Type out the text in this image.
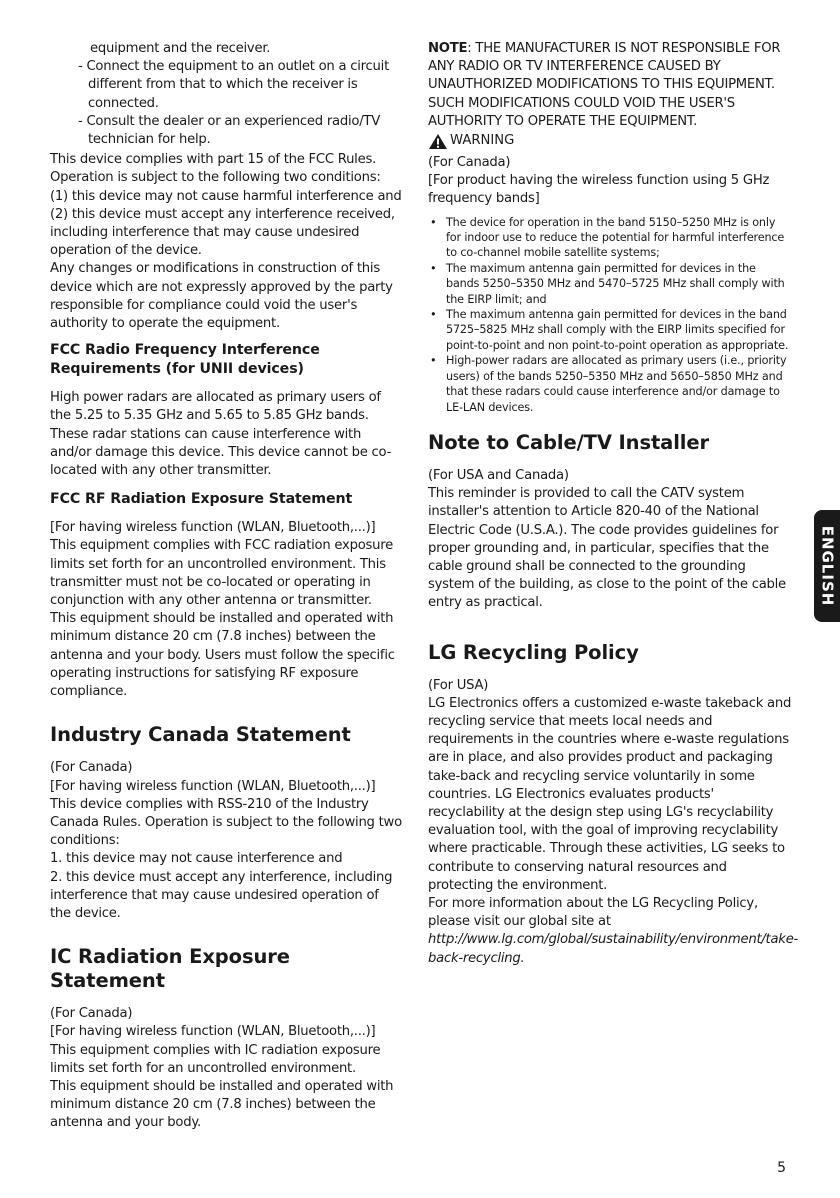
equipment and the receiver.

- Connect the equipment to an outlet on a circuit different from that to which the receiver is connected.

- Consult the dealer or an experienced radio/TV technician for help.

This device complies with part 15 of the FCC Rules. Operation is subject to the following two conditions: (1) this device may not cause harmful interference and (2) this device must accept any interference received, including interference that may cause undesired operation of the device.

Any changes or modifications in construction of this device which are not expressly approved by the party responsible for compliance could void the user's authority to operate the equipment.

FCC Radio Frequency Interference Requirements (for UNII devices)

High power radars are allocated as primary users of the 5.25 to 5.35 GHz and 5.65 to 5.85 GHz bands. These radar stations can cause interference with and/or damage this device. This device cannot be co-located with any other transmitter.

FCC RF Radiation Exposure Statement

[For having wireless function (WLAN, Bluetooth,...)] This equipment complies with FCC radiation exposure limits set forth for an uncontrolled environment. This transmitter must not be co-located or operating in conjunction with any other antenna or transmitter.

This equipment should be installed and operated with minimum distance 20 cm (7.8 inches) between the antenna and your body. Users must follow the specific operating instructions for satisfying RF exposure compliance.

Industry Canada Statement

(For Canada)

[For having wireless function (WLAN, Bluetooth,...)] This device complies with RSS-210 of the Industry Canada Rules. Operation is subject to the following two conditions:

1. this device may not cause interference and

2. this device must accept any interference, including interference that may cause undesired operation of the device.

IC Radiation Exposure Statement

(For Canada)

[For having wireless function (WLAN, Bluetooth,...)] This equipment complies with IC radiation exposure limits set forth for an uncontrolled environment.

This equipment should be installed and operated with minimum distance 20 cm (7.8 inches) between the antenna and your body.

NOTE: THE MANUFACTURER IS NOT RESPONSIBLE FOR ANY RADIO OR TV INTERFERENCE CAUSED BY UNAUTHORIZED MODIFICATIONS TO THIS EQUIPMENT. SUCH MODIFICATIONS COULD VOID THE USER'S AUTHORITY TO OPERATE THE EQUIPMENT.

WARNING

(For Canada)

[For product having the wireless function using 5 GHz frequency bands]

• The device for operation in the band 5150–5250 MHz is only for indoor use to reduce the potential for harmful interference to co-channel mobile satellite systems;
• The maximum antenna gain permitted for devices in the bands 5250–5350 MHz and 5470–5725 MHz shall comply with the EIRP limit; and
• The maximum antenna gain permitted for devices in the band 5725–5825 MHz shall comply with the EIRP limits specified for point-to-point and non point-to-point operation as appropriate.
• High-power radars are allocated as primary users (i.e., priority users) of the bands 5250–5350 MHz and 5650–5850 MHz and that these radars could cause interference and/or damage to LE-LAN devices.
Note to Cable/TV Installer

(For USA and Canada)

This reminder is provided to call the CATV system installer's attention to Article 820-40 of the National Electric Code (U.S.A.). The code provides guidelines for proper grounding and, in particular, specifies that the cable ground shall be connected to the grounding system of the building, as close to the point of the cable entry as practical.

LG Recycling Policy

(For USA)

LG Electronics offers a customized e-waste takeback and recycling service that meets local needs and requirements in the countries where e-waste regulations are in place, and also provides product and packaging take-back and recycling service voluntarily in some countries. LG Electronics evaluates products' recyclability at the design step using LG's recyclability evaluation tool, with the goal of improving recyclability where practicable. Through these activities, LG seeks to contribute to conserving natural resources and protecting the environment.

For more information about the LG Recycling Policy, please visit our global site at http://www.lg.com/global/sustainability/environment/take-back-recycling.

ENGLISH
5
